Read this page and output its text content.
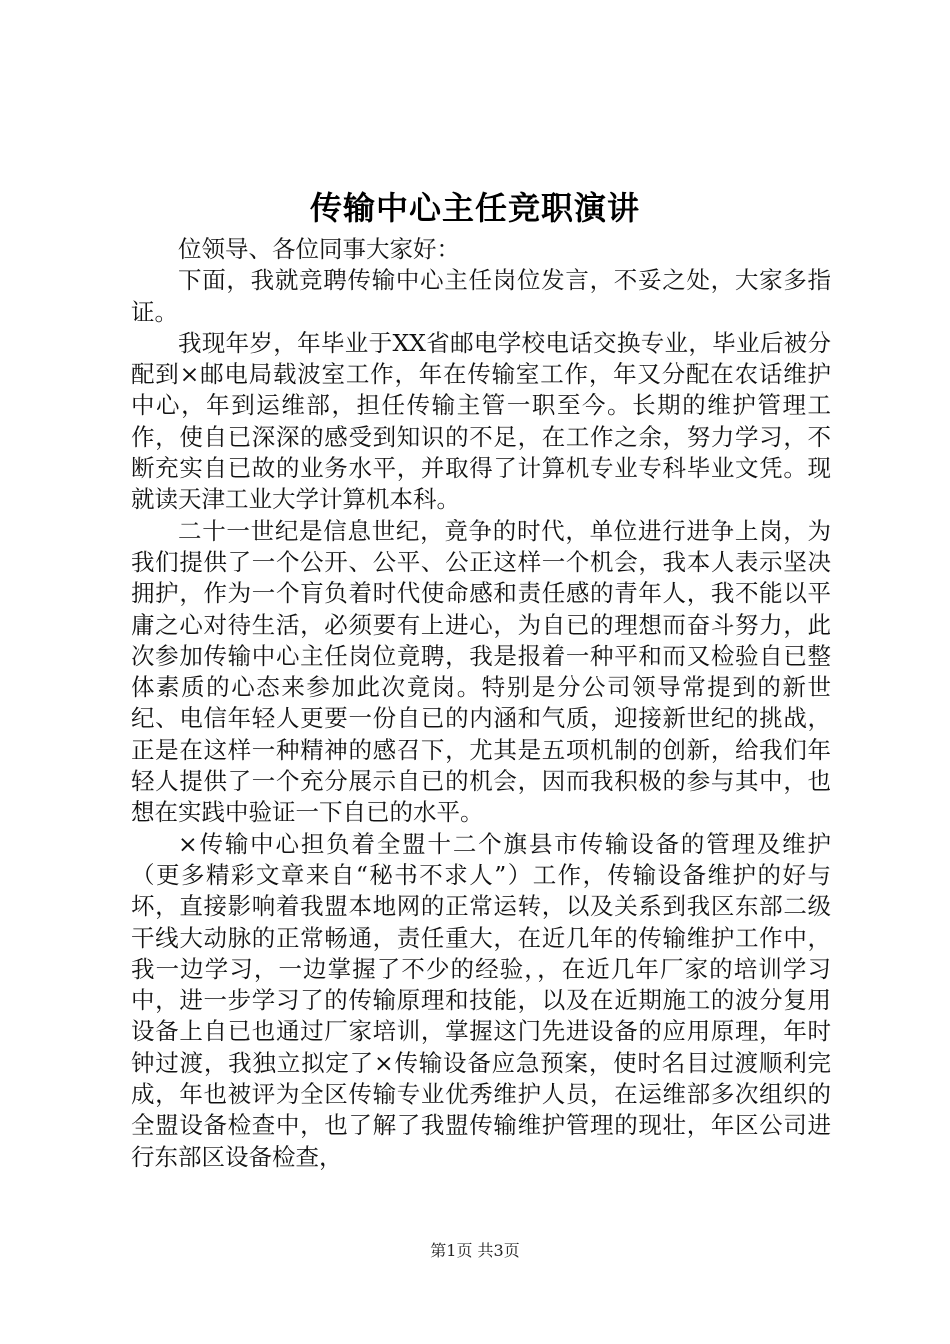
传输中心主任竞职演讲

位领导、各位同事大家好：

下面，我就竞聘传输中心主任岗位发言，不妥之处，大家多指证。

我现年岁，年毕业于XX省邮电学校电话交换专业，毕业后被分配到×邮电局载波室工作，年在传输室工作，年又分配在农话维护中心，年到运维部，担任传输主管一职至今。长期的维护管理工作，使自已深深的感受到知识的不足，在工作之余，努力学习，不断充实自已故的业务水平，并取得了计算机专业专科毕业文凭。现就读天津工业大学计算机本科。

二十一世纪是信息世纪，竟争的时代，单位进行进争上岗，为我们提供了一个公开、公平、公正这样一个机会，我本人表示坚决拥护，作为一个肓负着时代使命感和责任感的青年人，我不能以平庸之心对待生活，必须要有上进心，为自已的理想而奋斗努力，此次参加传输中心主任岗位竟聘，我是报着一种平和而又检验自已整体素质的心态来参加此次竟岗。特别是分公司领导常提到的新世纪、电信年轻人更要一份自已的内涵和气质，迎接新世纪的挑战，正是在这样一种精神的感召下，尤其是五项机制的创新，给我们年轻人提供了一个充分展示自已的机会，因而我积极的参与其中，也想在实践中验证一下自已的水平。

×传输中心担负着全盟十二个旗县市传输设备的管理及维护（更多精彩文章来自“秘书不求人”）工作，传输设备维护的好与坏，直接影响着我盟本地网的正常运转，以及关系到我区东部二级干线大动脉的正常畅通，责任重大，在近几年的传输维护工作中，我一边学习，一边掌握了不少的经验，，在近几年厂家的培训学习中，进一步学习了的传输原理和技能，以及在近期施工的波分复用设备上自已也通过厂家培训，掌握这门先进设备的应用原理，年时钟过渡，我独立拟定了×传输设备应急预案，使时名目过渡顺利完成，年也被评为全区传输专业优秀维护人员，在运维部多次组织的全盟设备检查中，也了解了我盟传输维护管理的现壮，年区公司进行东部区设备检查，

第1页 共3页
